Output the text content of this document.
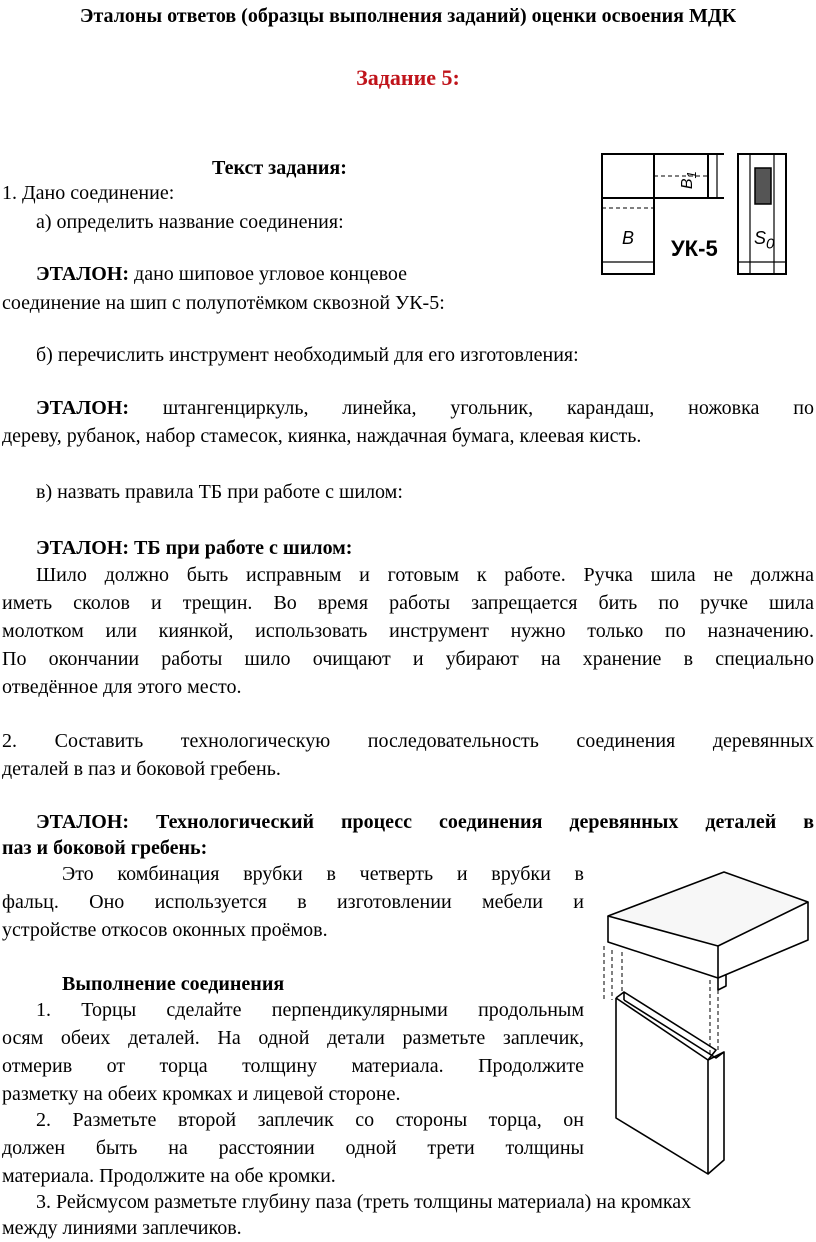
Эталоны ответов (образцы выполнения заданий) оценки освоения МДК
Задание 5:
Текст задания:
1. Дано соединение:
а) определить название соединения:
ЭТАЛОН: дано шиповое угловое концевое
соединение на шип с полупотёмком сквозной УК-5:
B
$B_1$
УК-5 $S_0$
б) перечислить инструмент необходимый для его изготовления:
ЭТАЛОН: штангенциркуль, линейка, угольник, карандаш, ножовка по
дереву, рубанок, набор стамесок, киянка, наждачная бумага, клеевая кисть.
в) назвать правила ТБ при работе с шилом:
ЭТАЛОН: ТБ при работе с шилом:
Шило должно быть исправным и готовым к работе. Ручка шила не должна
иметь сколов и трещин. Во время работы запрещается бить по ручке шила
молотком или киянкой, использовать инструмент нужно только по назначению.
По окончании работы шило очищают и убирают на хранение в специально
отведённое для этого место.
2. Составить технологическую последовательность соединения деревянных
деталей в паз и боковой гребень.
ЭТАЛОН: Технологический процесс соединения деревянных деталей в
паз и боковой гребень:
Это комбинация врубки в четверть и врубки в
фальц. Оно используется в изготовлении мебели и
устройстве откосов оконных проёмов.
Выполнение соединения
1. Торцы сделайте перпендикулярными продольным
осям обеих деталей. На одной детали разметьте заплечик,
отмерив от торца толщину материала. Продолжите
разметку на обеих кромках и лицевой стороне.
2. Разметьте второй заплечик со стороны торца, он
должен быть на расстоянии одной трети толщины
материала. Продолжите на обе кромки.
3. Рейсмусом разметьте глубину паза (треть толщины материала) на кромках
между линиями заплечиков.
